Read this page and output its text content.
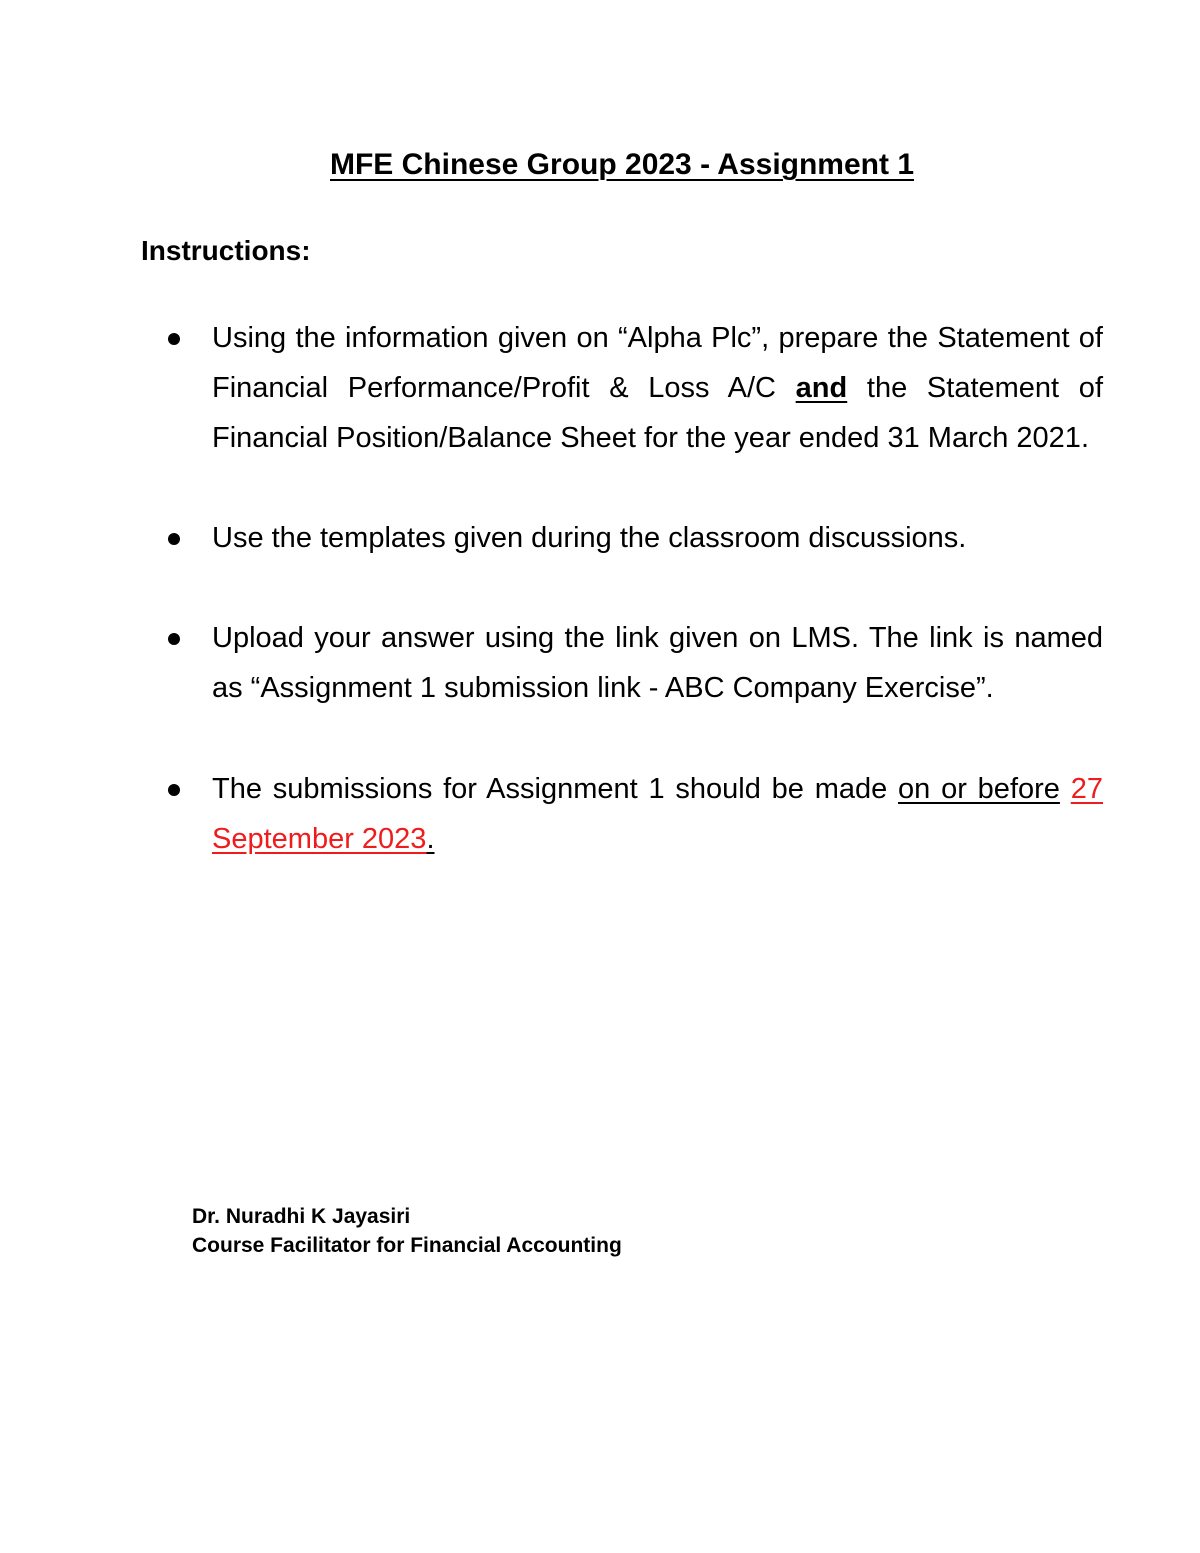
MFE Chinese Group 2023 - Assignment 1
Instructions:
Using the information given on “Alpha Plc”, prepare the Statement of Financial Performance/Profit & Loss A/C and the Statement of Financial Position/Balance Sheet for the year ended 31 March 2021.
Use the templates given during the classroom discussions.
Upload your answer using the link given on LMS. The link is named as “Assignment 1 submission link - ABC Company Exercise”.
The submissions for Assignment 1 should be made on or before 27 September 2023.
Dr. Nuradhi K Jayasiri
Course Facilitator for Financial Accounting
